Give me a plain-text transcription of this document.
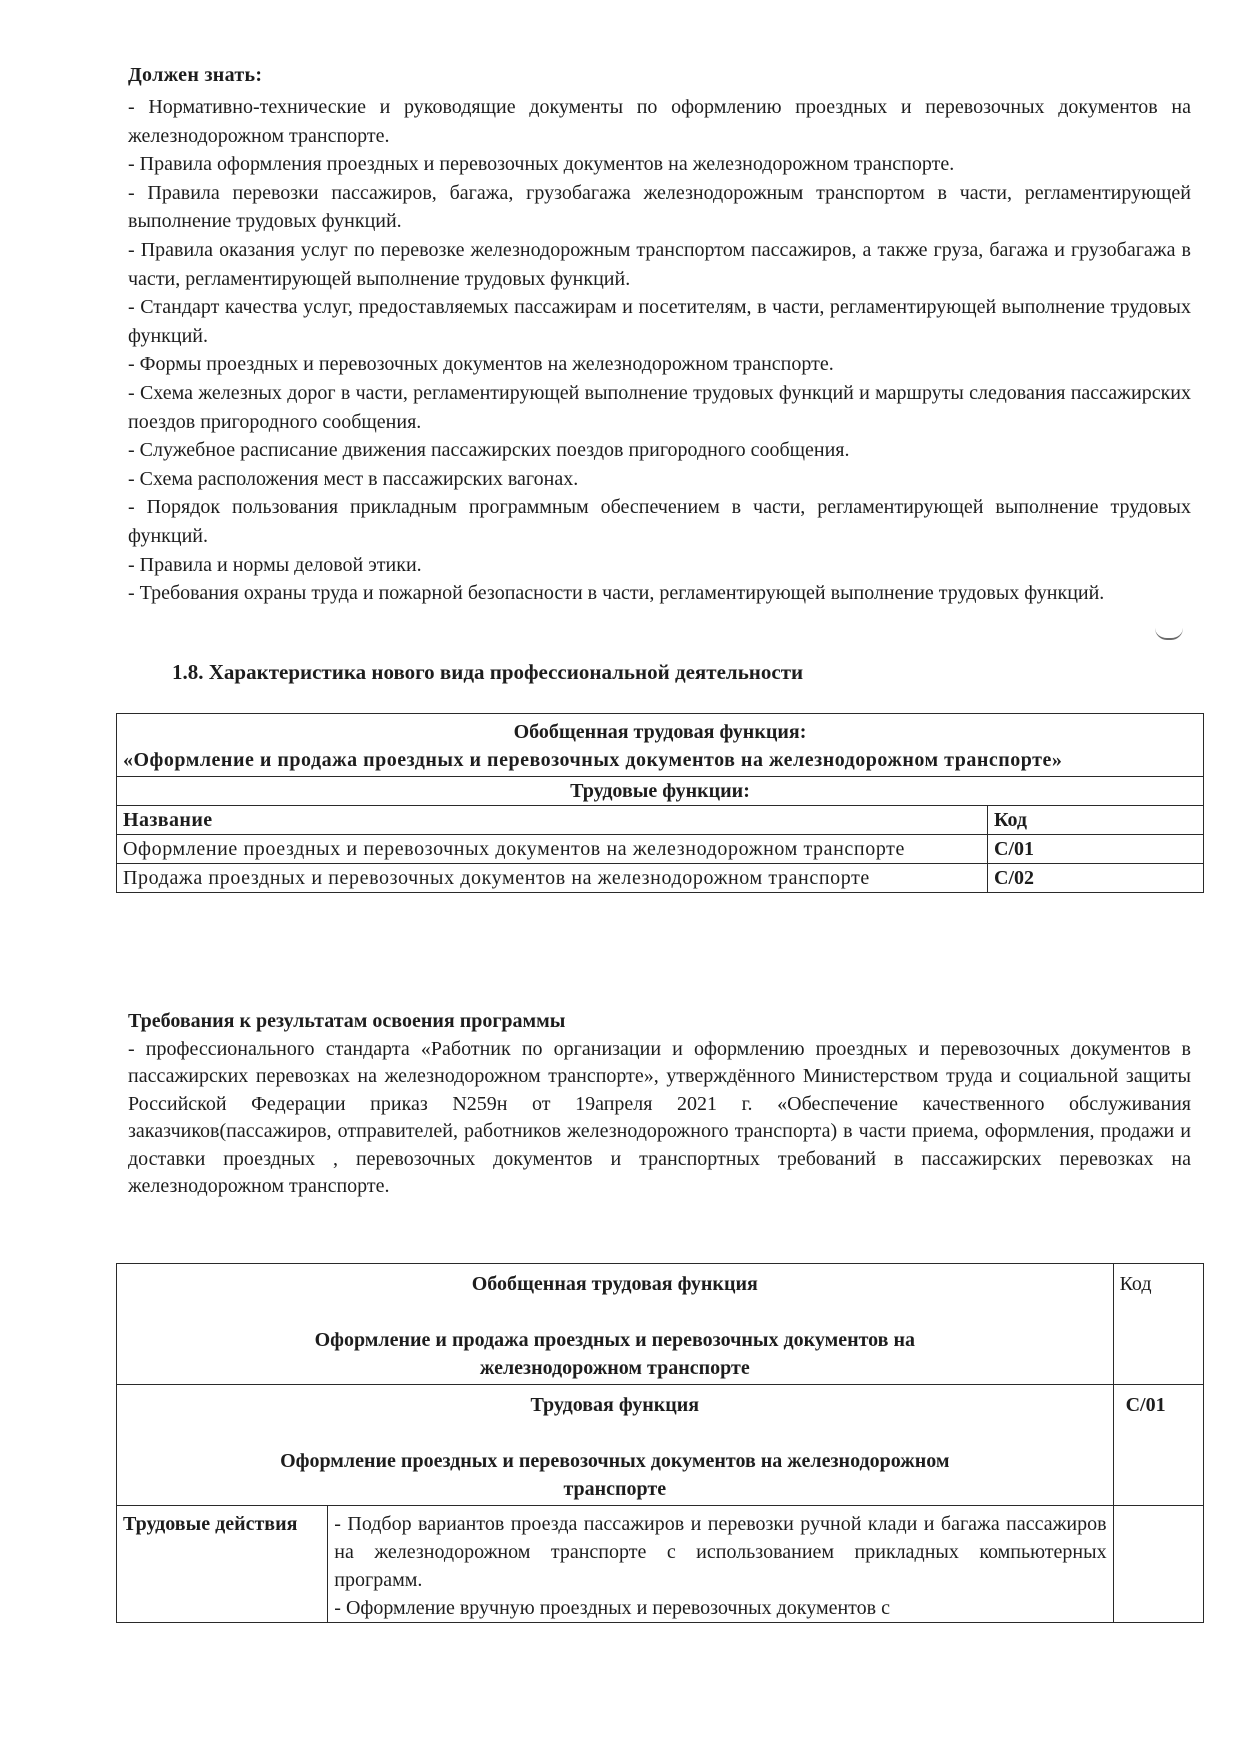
Должен знать:

- Нормативно-технические и руководящие документы по оформлению проездных и перевозочных документов на железнодорожном транспорте.

- Правила оформления проездных и перевозочных документов на железнодорожном транспорте.

- Правила перевозки пассажиров, багажа, грузобагажа железнодорожным транспортом в части, регламентирующей выполнение трудовых функций.

- Правила оказания услуг по перевозке железнодорожным транспортом пассажиров, а также груза, багажа и грузобагажа в части, регламентирующей выполнение трудовых функций.

- Стандарт качества услуг, предоставляемых пассажирам и посетителям, в части, регламентирующей выполнение трудовых функций.

- Формы проездных и перевозочных документов на железнодорожном транспорте.

- Схема железных дорог в части, регламентирующей выполнение трудовых функций и маршруты следования пассажирских поездов пригородного сообщения.

- Служебное расписание движения пассажирских поездов пригородного сообщения.

- Схема расположения мест в пассажирских вагонах.

- Порядок пользования прикладным программным обеспечением в части, регламентирующей выполнение трудовых функций.

- Правила и нормы деловой этики.

- Требования охраны труда и пожарной безопасности в части, регламентирующей выполнение трудовых функций.

1.8. Характеристика нового вида профессиональной деятельности
Требования к результатам освоения программы

- профессионального стандарта «Работник по организации и оформлению проездных и перевозочных документов в пассажирских перевозках на железнодорожном транспорте», утверждённого Министерством труда и социальной защиты Российской Федерации приказ N259н от 19апреля 2021 г. «Обеспечение качественного обслуживания заказчиков(пассажиров, отправителей, работников железнодорожного транспорта) в части приема, оформления, продажи и доставки проездных , перевозочных документов и транспортных требований в пассажирских перевозках на железнодорожном транспорте.

Обобщенная трудовая функция:
«Оформление и продажа проездных и перевозочных документов на железнодорожном транспорте»	

Трудовые функции:	
Название	Код
Оформление проездных и перевозочных документов на железнодорожном транспорте	С/01
Продажа проездных и перевозочных документов на железнодорожном транспорте	С/02
Обобщенная трудовая функция
Оформление и продажа проездных и перевозочных документов на железнодорожном транспорте		Код

Трудовая функция
Оформление проездных и перевозочных документов на железнодорожном транспорте		С/01
Трудовые действия	- Подбор вариантов проезда пассажиров и перевозки ручной клади и багажа пассажиров на железнодорожном транспорте с использованием прикладных компьютерных программ.
- Оформление вручную проездных и перевозочных документов с	
